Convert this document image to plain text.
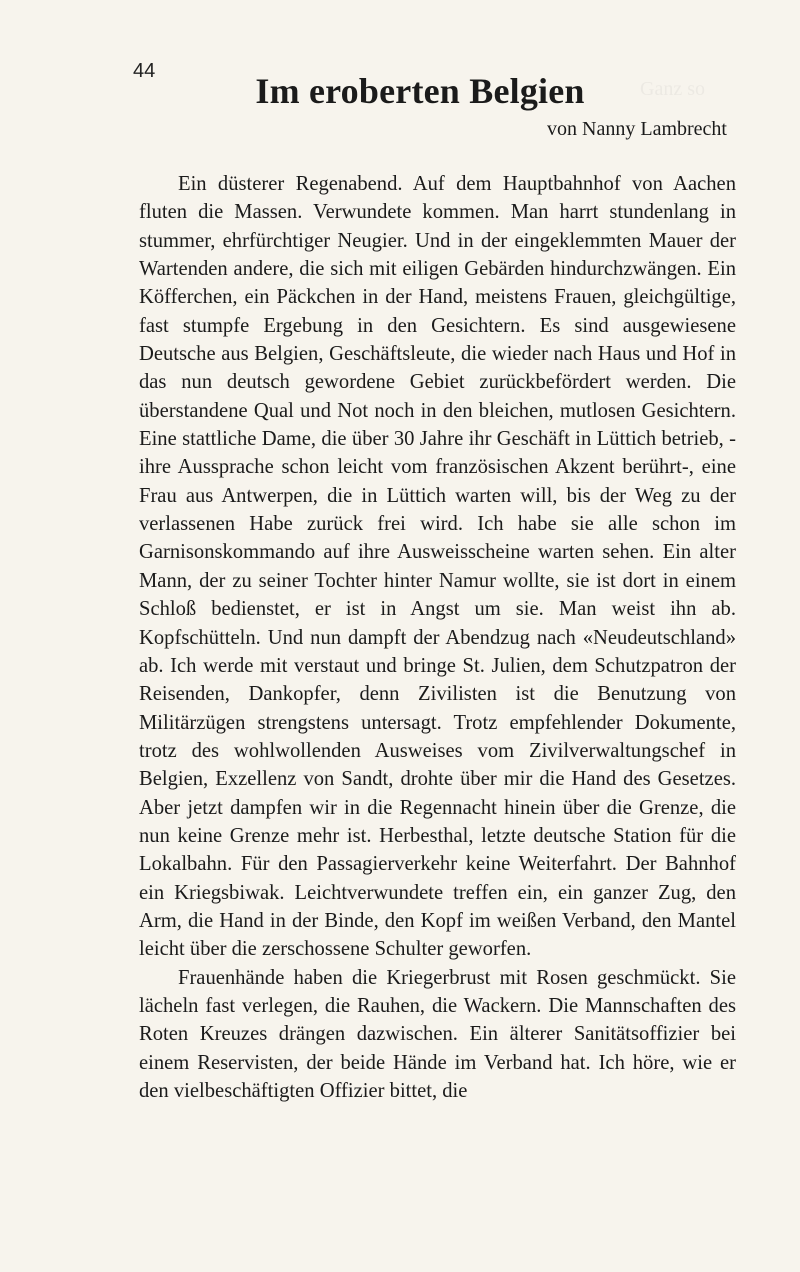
Ganz so
44	Im eroberten Belgien
von Nanny Lambrecht

Ein düsterer Regenabend. Auf dem Hauptbahnhof von Aachen fluten die Massen. Verwundete kommen. Man harrt stundenlang in stummer, ehrfürchtiger Neugier. Und in der eingeklemmten Mauer der Wartenden andere, die sich mit eiligen Gebärden hindurchzwängen. Ein Köfferchen, ein Päckchen in der Hand, meistens Frauen, gleichgültige, fast stumpfe Ergebung in den Gesichtern. Es sind ausgewiesene Deutsche aus Belgien, Geschäftsleute, die wieder nach Haus und Hof in das nun deutsch gewordene Gebiet zurückbefördert werden. Die überstandene Qual und Not noch in den bleichen, mutlosen Gesichtern. Eine stattliche Dame, die über 30 Jahre ihr Geschäft in Lüttich betrieb, -ihre Aussprache schon leicht vom französischen Akzent berührt-, eine Frau aus Antwerpen, die in Lüttich warten will, bis der Weg zu der verlassenen Habe zurück frei wird. Ich habe sie alle schon im Garnisonskommando auf ihre Ausweisscheine warten sehen. Ein alter Mann, der zu seiner Tochter hinter Namur wollte, sie ist dort in einem Schloß bedienstet, er ist in Angst um sie. Man weist ihn ab. Kopfschütteln. Und nun dampft der Abendzug nach «Neudeutschland» ab. Ich werde mit verstaut und bringe St. Julien, dem Schutzpatron der Reisenden, Dankopfer, denn Zivilisten ist die Benutzung von Militärzügen strengstens untersagt. Trotz empfehlender Dokumente, trotz des wohlwollenden Ausweises vom Zivilverwaltungschef in Belgien, Exzellenz von Sandt, drohte über mir die Hand des Gesetzes. Aber jetzt dampfen wir in die Regennacht hinein über die Grenze, die nun keine Grenze mehr ist. Herbesthal, letzte deutsche Station für die Lokalbahn. Für den Passagierverkehr keine Weiterfahrt. Der Bahnhof ein Kriegsbiwak. Leichtverwundete treffen ein, ein ganzer Zug, den Arm, die Hand in der Binde, den Kopf im weißen Verband, den Mantel leicht über die zerschossene Schulter geworfen.

Frauenhände haben die Kriegerbrust mit Rosen geschmückt. Sie lächeln fast verlegen, die Rauhen, die Wackern. Die Mannschaften des Roten Kreuzes drängen dazwischen. Ein älterer Sanitätsoffizier bei einem Reservisten, der beide Hände im Verband hat. Ich höre, wie er den vielbeschäftigten Offizier bittet, die
